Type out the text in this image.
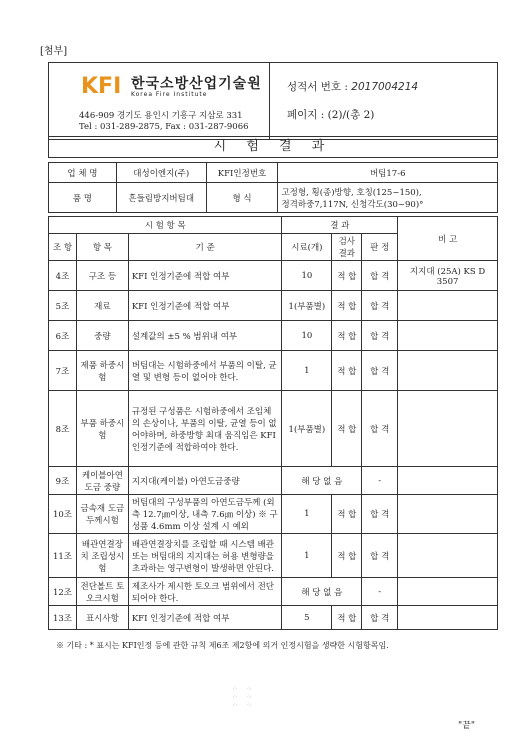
[첨부]
KFI 한국소방산업기술원
Korea Fire Institute
446-909 경기도 용인시 기흥구 지삼로 331
Tel : 031-289-2875, Fax : 031-287-9066
성적서 번호 : 2017004214
페이지 : (2)/(총 2)
시 험 결 과
업 체 명	대성이엔지(주)	KFI인정번호	버팀17-6
품 명	흔들림방지버팀대	형 식	고정형, 횡(종)방향, 호칭(125~150),
정격하중7,117N, 신청각도(30~90)°
시 험 항 목			결 과			비 고
조 항	항 목	기 준	시료(개)	검사 결과	판 정	
4조	구조 등	KFI 인정기준에 적합 여부	10	적 합	합 격	지지대 (25A) KS D 3507
5조	재료	KFI 인정기준에 적합 여부	1(부품별)	적 합	합 격	
6조	중량	설계값의 ±5 % 범위내 여부	10	적 합	합 격	
7조	제품 하중시험	버팀대는 시험하중에서 부품의 이탈, 균열 및 변형 등이 없어야 한다.	1	적 합	합 격	
8조	부품 하중시험	규정된 구성품은 시험하중에서 조임체의 손상이나, 부품의 이탈, 균열 등이 없어야하며, 하중방향 최대 움직임은 KFI인정기준에 적합하여야 한다.	1(부품별)	적 합	합 격	
9조	케이블아연 도금 중량	지지대(케이블) 아연도금중량	해 당 없 음		-	
10조	금속재 도금두께시험	버팀대의 구성부품의 아연도금두께 (외측 12.7㎛이상, 내측 7.6㎛ 이상) ※ 구성품 4.6mm 이상 설계 시 예외	1	적 합	합 격	
11조	배관연결장치 조립성시험	배관연결장치를 조립할 때 시스템 배관 또는 버팀대의 지지대는 허용 변형량을 초과하는 영구변형이 발생하면 안된다.	1	적 합	합 격	
12조	전단볼트 토오크시험	제조사가 제시한 토오크 범위에서 전단되어야 한다.	해 당 없 음		-	
13조	표시사항	KFI 인정기준에 적합 여부	5	적 합	합 격	
※ 기타 : * 표시는 KFI인정 등에 관한 규칙 제6조 제2항에 의거 인정시험을 생략한 시험항목임.
⁘ ⁘
⁘ ⁘
⁘ ⁘
"끝"
